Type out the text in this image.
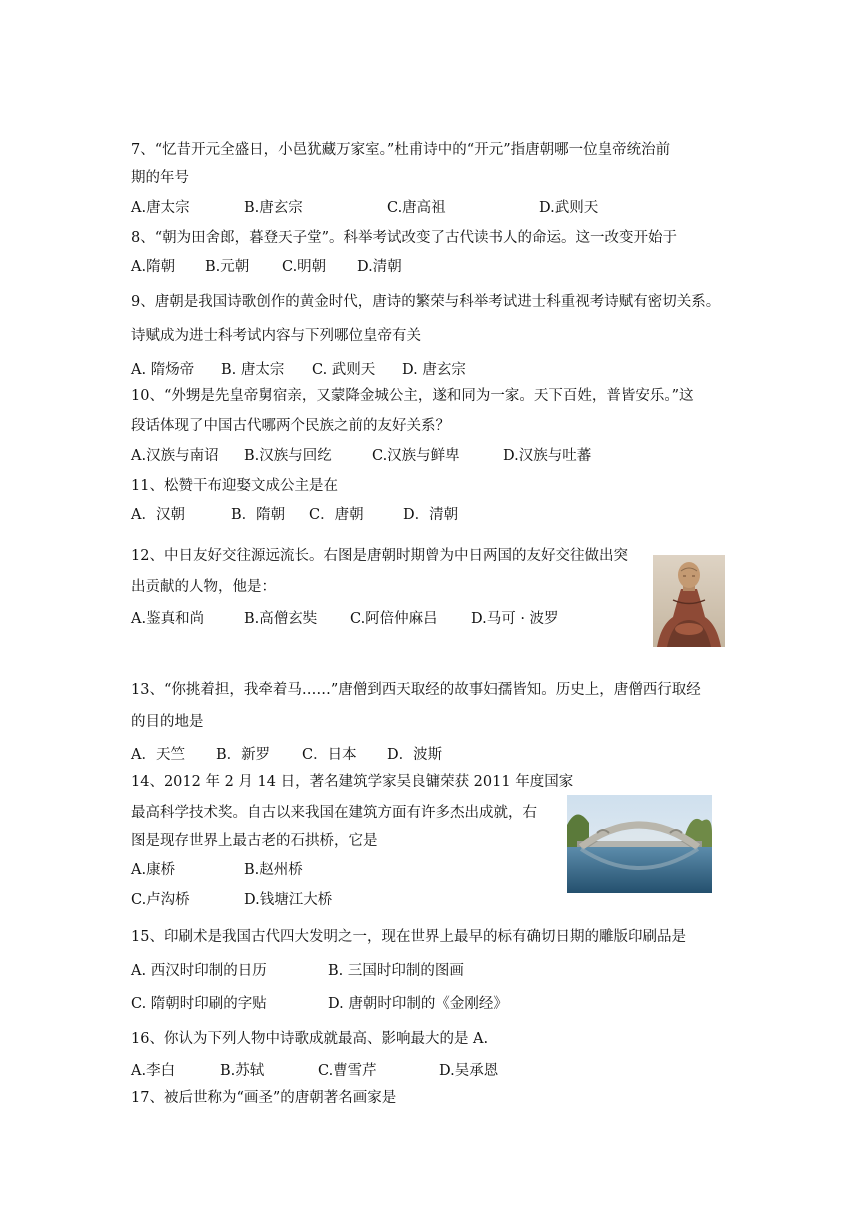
7、“忆昔开元全盛日，小邑犹藏万家室。”杜甫诗中的“开元”指唐朝哪一位皇帝统治前
期的年号
A.唐太宗	B.唐玄宗	C.唐高祖	D.武则天
8、“朝为田舍郎，暮登天子堂”。科举考试改变了古代读书人的命运。这一改变开始于
A.隋朝 B.元朝 C.明朝 D.清朝
9、唐朝是我国诗歌创作的黄金时代，唐诗的繁荣与科举考试进士科重视考诗赋有密切关系。
诗赋成为进士科考试内容与下列哪位皇帝有关
A. 隋炀帝 B. 唐太宗 C. 武则天 D. 唐玄宗
10、“外甥是先皇帝舅宿亲，又蒙降金城公主，遂和同为一家。天下百姓，普皆安乐。”这
段话体现了中国古代哪两个民族之前的友好关系？
A.汉族与南诏 B.汉族与回纥	C.汉族与鲜卑	D.汉族与吐蕃
11、松赞干布迎娶文成公主是在
A．汉朝	B．隋朝 C．唐朝	D．清朝
12、中日友好交往源远流长。右图是唐朝时期曾为中日两国的友好交往做出突
出贡献的人物，他是：
A.鉴真和尚	B.高僧玄奘 C.阿倍仲麻吕 D.马可 · 波罗
13、“你挑着担，我牵着马……”唐僧到西天取经的故事妇孺皆知。历史上，唐僧西行取经
的目的地是
A．天竺 B．新罗 C．日本 D．波斯
14、2012 年 2 月 14 日，著名建筑学家吴良镛荣获 2011 年度国家
最高科学技术奖。自古以来我国在建筑方面有许多杰出成就，右
图是现存世界上最古老的石拱桥，它是
A.康桥	B.赵州桥
C.卢沟桥	D.钱塘江大桥
15、印刷术是我国古代四大发明之一，现在世界上最早的标有确切日期的雕版印刷品是
A. 西汉时印制的日历	B. 三国时印制的图画
C. 隋朝时印刷的字贴	D. 唐朝时印制的《金刚经》
16、你认为下列人物中诗歌成就最高、影响最大的是 A.
A.李白	B.苏轼	C.曹雪芹	D.吴承恩
17、被后世称为“画圣”的唐朝著名画家是
